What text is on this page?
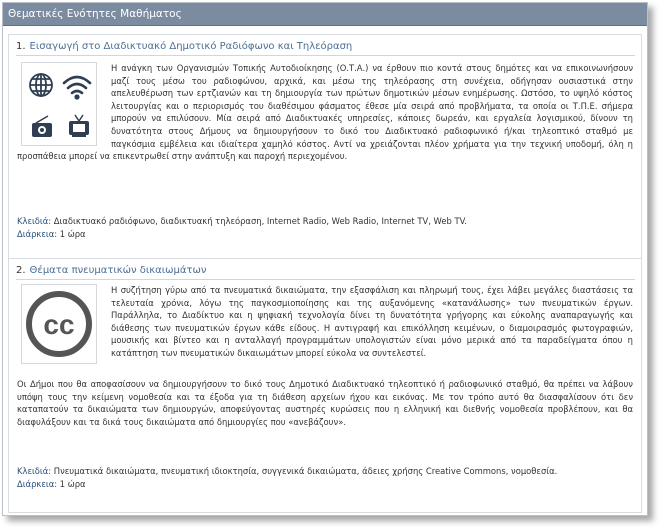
Θεματικές Ενότητες Μαθήματος
1. Εισαγωγή στο Διαδικτυακό Δημοτικό Ραδιόφωνο και Τηλεόραση
Η ανάγκη των Οργανισμών Τοπικής Αυτοδιοίκησης (Ο.Τ.Α.) να έρθουν πιο κοντά στους δημότες και να επικοινωνήσουν μαζί τους μέσω του ραδιοφώνου, αρχικά, και μέσω της τηλεόρασης στη συνέχεια, οδήγησαν ουσιαστικά στην απελευθέρωση των ερτζιανών και τη δημιουργία των πρώτων δημοτικών μέσων ενημέρωσης. Ωστόσο, το υψηλό κόστος λειτουργίας και ο περιορισμός του διαθέσιμου φάσματος έθεσε μία σειρά από προβλήματα, τα οποία οι Τ.Π.Ε. σήμερα μπορούν να επιλύσουν. Μία σειρά από Διαδικτυακές υπηρεσίες, κάποιες δωρεάν, και εργαλεία λογισμικού, δίνουν τη δυνατότητα στους Δήμους να δημιουργήσουν το δικό του Διαδικτυακό ραδιοφωνικό ή/και τηλεοπτικό σταθμό με παγκόσμια εμβέλεια και ιδιαίτερα χαμηλό κόστος. Αντί να χρειάζονται πλέον χρήματα για την τεχνική υποδομή, όλη η προσπάθεια μπορεί να επικεντρωθεί στην ανάπτυξη και παροχή περιεχομένου.
Κλειδιά: Διαδικτυακό ραδιόφωνο, διαδικτυακή τηλεόραση, Internet Radio, Web Radio, Internet TV, Web TV.
Διάρκεια: 1 ώρα
2. Θέματα πνευματικών δικαιωμάτων
cc
Η συζήτηση γύρω από τα πνευματικά δικαιώματα, την εξασφάλιση και πληρωμή τους, έχει λάβει μεγάλες διαστάσεις τα τελευταία χρόνια, λόγω της παγκοσμιοποίησης και της αυξανόμενης «κατανάλωσης» των πνευματικών έργων. Παράλληλα, το Διαδίκτυο και η ψηφιακή τεχνολογία δίνει τη δυνατότητα γρήγορης και εύκολης αναπαραγωγής και διάθεσης των πνευματικών έργων κάθε είδους. Η αντιγραφή και επικόλληση κειμένων, ο διαμοιρασμός φωτογραφιών, μουσικής και βίντεο και η ανταλλαγή προγραμμάτων υπολογιστών είναι μόνο μερικά από τα παραδείγματα όπου η κατάπτηση των πνευματικών δικαιωμάτων μπορεί εύκολα να συντελεστεί.
Οι Δήμοι που θα αποφασίσουν να δημιουργήσουν το δικό τους Δημοτικό Διαδικτυακό τηλεοπτικό ή ραδιοφωνικό σταθμό, θα πρέπει να λάβουν υπόψη τους την κείμενη νομοθεσία και τα έξοδα για τη διάθεση αρχείων ήχου και εικόνας. Με τον τρόπο αυτό θα διασφαλίσουν ότι δεν καταπατούν τα δικαιώματα των δημιουργών, αποφεύγοντας αυστηρές κυρώσεις που η ελληνική και διεθνής νομοθεσία προβλέπουν, και θα διαφυλάξουν και τα δικά τους δικαιώματα από δημιουργίες που «ανεβάζουν».
Κλειδιά: Πνευματικά δικαιώματα, πνευματική ιδιοκτησία, συγγενικά δικαιώματα, άδειες χρήσης Creative Commons, νομοθεσία.
Διάρκεια: 1 ώρα
